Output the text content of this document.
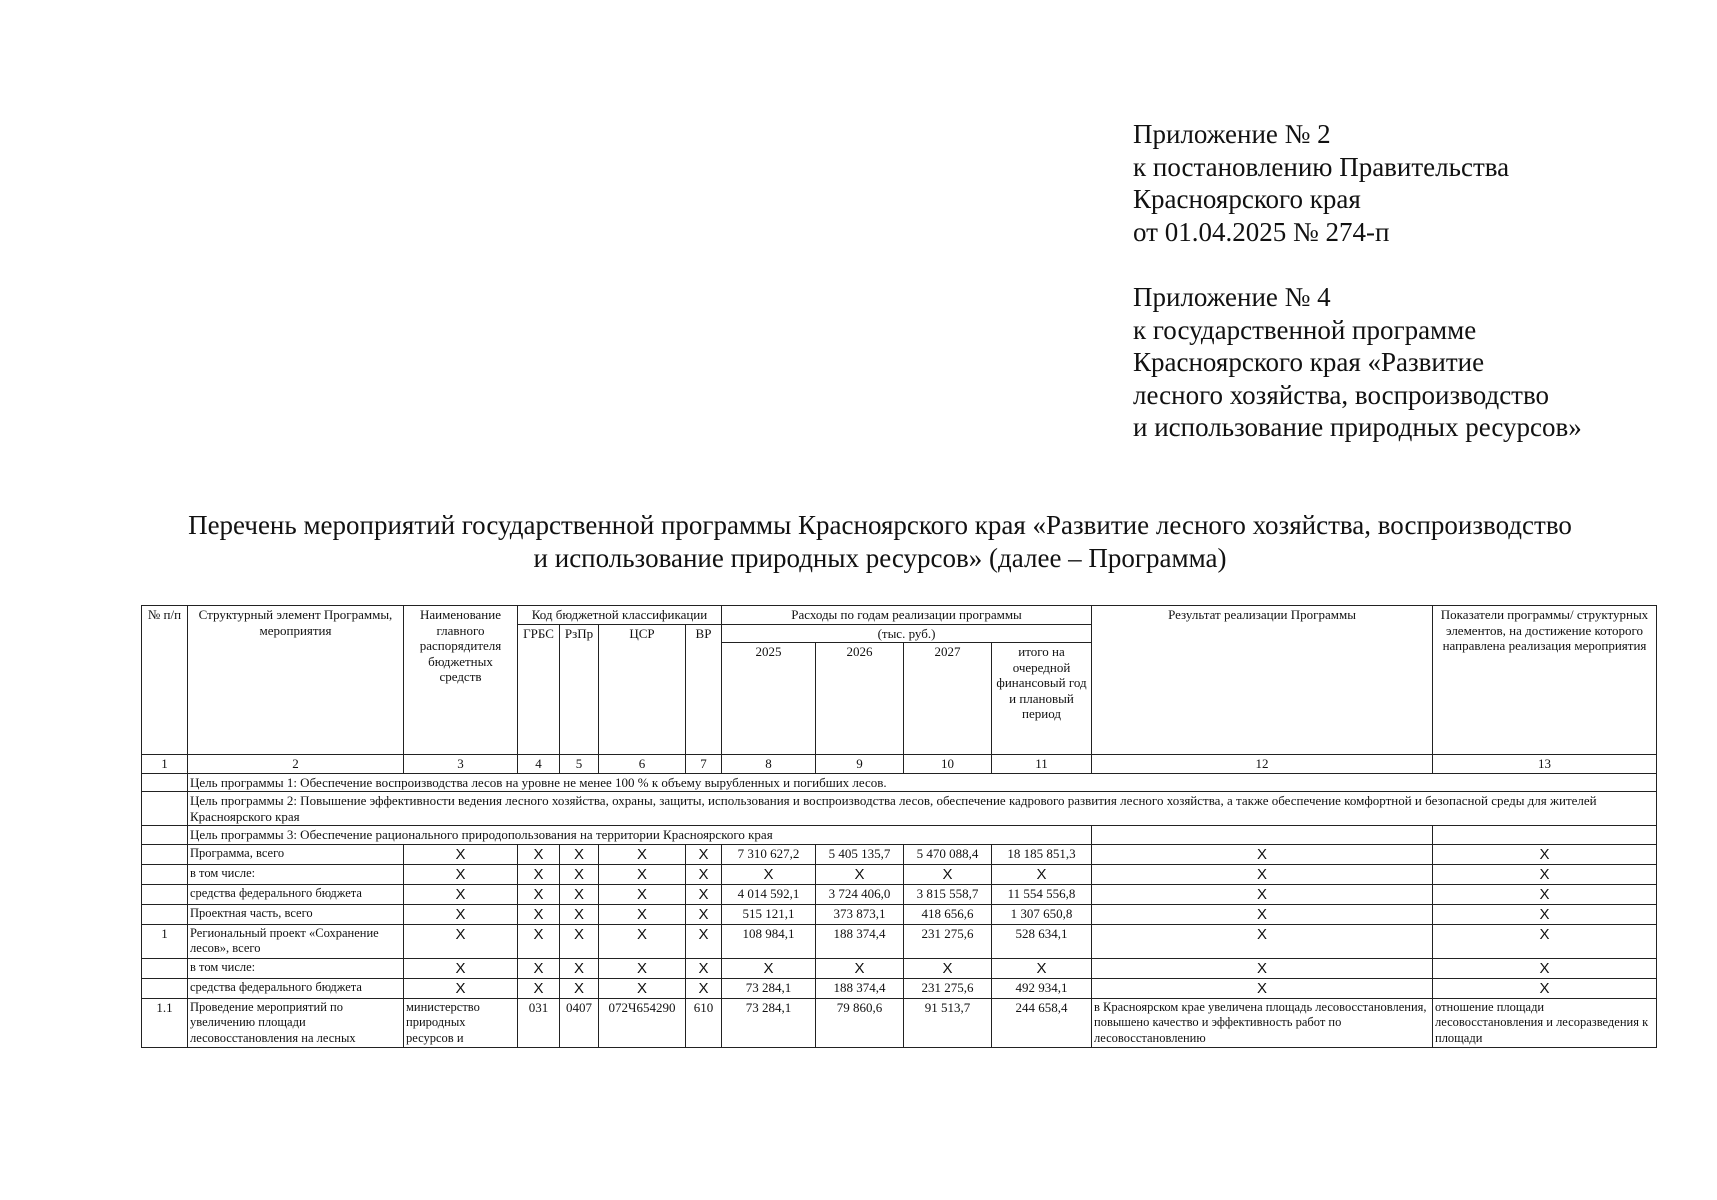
Приложение № 2
к постановлению Правительства
Красноярского края
от 01.04.2025 № 274-п
Приложение № 4
к государственной программе
Красноярского края «Развитие
лесного хозяйства, воспроизводство
и использование природных ресурсов»
Перечень мероприятий государственной программы Красноярского края «Развитие лесного хозяйства, воспроизводство
и использование природных ресурсов» (далее – Программа)
№ п/п	Структурный элемент Программы, мероприятия	Наименование главного распорядителя бюджетных средств	Код бюджетной классификации				Расходы по годам реализации программы				Результат реализации Программы	Показатели программы/ структурных элементов, на достижение которого направлена реализация мероприятия
			ГРБС	РзПр	ЦСР	ВР	(тыс. руб.)					
							2025	2026	2027	итого на очередной финансовый год и плановый период		
1	2	3	4	5	6	7	8	9	10	11	12	13
	Цель программы 1: Обеспечение воспроизводства лесов на уровне не менее 100 % к объему вырубленных и погибших лесов.											
	Цель программы 2: Повышение эффективности ведения лесного хозяйства, охраны, защиты, использования и воспроизводства лесов, обеспечение кадрового развития лесного хозяйства, а также обеспечение комфортной и безопасной среды для жителей Красноярского края											
	Цель программы 3: Обеспечение рационального природопользования на территории Красноярского края											
	Программа, всего	X	X	X	X	X	7 310 627,2	5 405 135,7	5 470 088,4	18 185 851,3	X	X
	в том числе:	X	X	X	X	X	X	X	X	X	X	X
	средства федерального бюджета	X	X	X	X	X	4 014 592,1	3 724 406,0	3 815 558,7	11 554 556,8	X	X
	Проектная часть, всего	X	X	X	X	X	515 121,1	373 873,1	418 656,6	1 307 650,8	X	X
1	Региональный проект «Сохранение лесов», всего	X	X	X	X	X	108 984,1	188 374,4	231 275,6	528 634,1	X	X
	в том числе:	X	X	X	X	X	X	X	X	X	X	X
	средства федерального бюджета	X	X	X	X	X	73 284,1	188 374,4	231 275,6	492 934,1	X	X
1.1	Проведение мероприятий по увеличению площади лесовосстановления на лесных	министерство природных ресурсов и	031	0407	072Ч654290	610	73 284,1	79 860,6	91 513,7	244 658,4	в Красноярском крае увеличена площадь лесовосстановления, повышено качество и эффективность работ по лесовосстановлению	отношение площади лесовосстановления и лесоразведения к площади
